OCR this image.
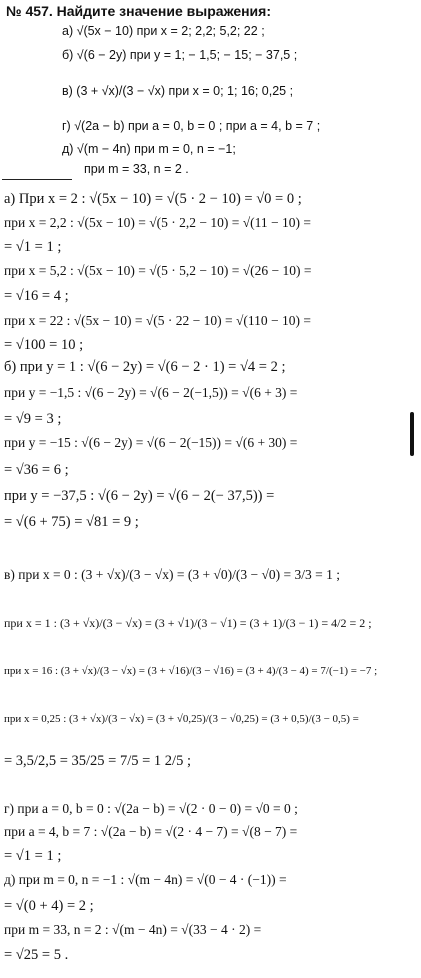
№ 457. Найдите значение выражения:
а) √(5x − 10) при x = 2; 2,2; 5,2; 22 ;
б) √(6 − 2y) при y = 1; − 1,5; − 15; − 37,5 ;
в) (3 + √x)/(3 − √x) при x = 0; 1; 16; 0,25 ;
г) √(2a − b) при a = 0, b = 0 ; при a = 4, b = 7 ;
д) √(m − 4n) при m = 0, n = −1;
при m = 33, n = 2 .
а) При x = 2 : √(5x − 10) = √(5 · 2 − 10) = √0 = 0 ;
при x = 2,2 : √(5x − 10) = √(5 · 2,2 − 10) = √(11 − 10) =
= √1 = 1 ;
при x = 5,2 : √(5x − 10) = √(5 · 5,2 − 10) = √(26 − 10) =
= √16 = 4 ;
при x = 22 : √(5x − 10) = √(5 · 22 − 10) = √(110 − 10) =
= √100 = 10 ;
б) при y = 1 : √(6 − 2y) = √(6 − 2 · 1) = √4 = 2 ;
при y = −1,5 : √(6 − 2y) = √(6 − 2(−1,5)) = √(6 + 3) =
= √9 = 3 ;
при y = −15 : √(6 − 2y) = √(6 − 2(−15)) = √(6 + 30) =
= √36 = 6 ;
при y = −37,5 : √(6 − 2y) = √(6 − 2(− 37,5)) =
= √(6 + 75) = √81 = 9 ;
в) при x = 0 : (3 + √x)/(3 − √x) = (3 + √0)/(3 − √0) = 3/3 = 1 ;
при x = 1 : (3 + √x)/(3 − √x) = (3 + √1)/(3 − √1) = (3 + 1)/(3 − 1) = 4/2 = 2 ;
при x = 16 : (3 + √x)/(3 − √x) = (3 + √16)/(3 − √16) = (3 + 4)/(3 − 4) = 7/(−1) = −7 ;
при x = 0,25 : (3 + √x)/(3 − √x) = (3 + √0,25)/(3 − √0,25) = (3 + 0,5)/(3 − 0,5) =
= 3,5/2,5 = 35/25 = 7/5 = 1 2/5 ;
г) при a = 0, b = 0 : √(2a − b) = √(2 · 0 − 0) = √0 = 0 ;
при a = 4, b = 7 : √(2a − b) = √(2 · 4 − 7) = √(8 − 7) =
= √1 = 1 ;
д) при m = 0, n = −1 : √(m − 4n) = √(0 − 4 · (−1)) =
= √(0 + 4) = 2 ;
при m = 33, n = 2 : √(m − 4n) = √(33 − 4 · 2) =
= √25 = 5 .
